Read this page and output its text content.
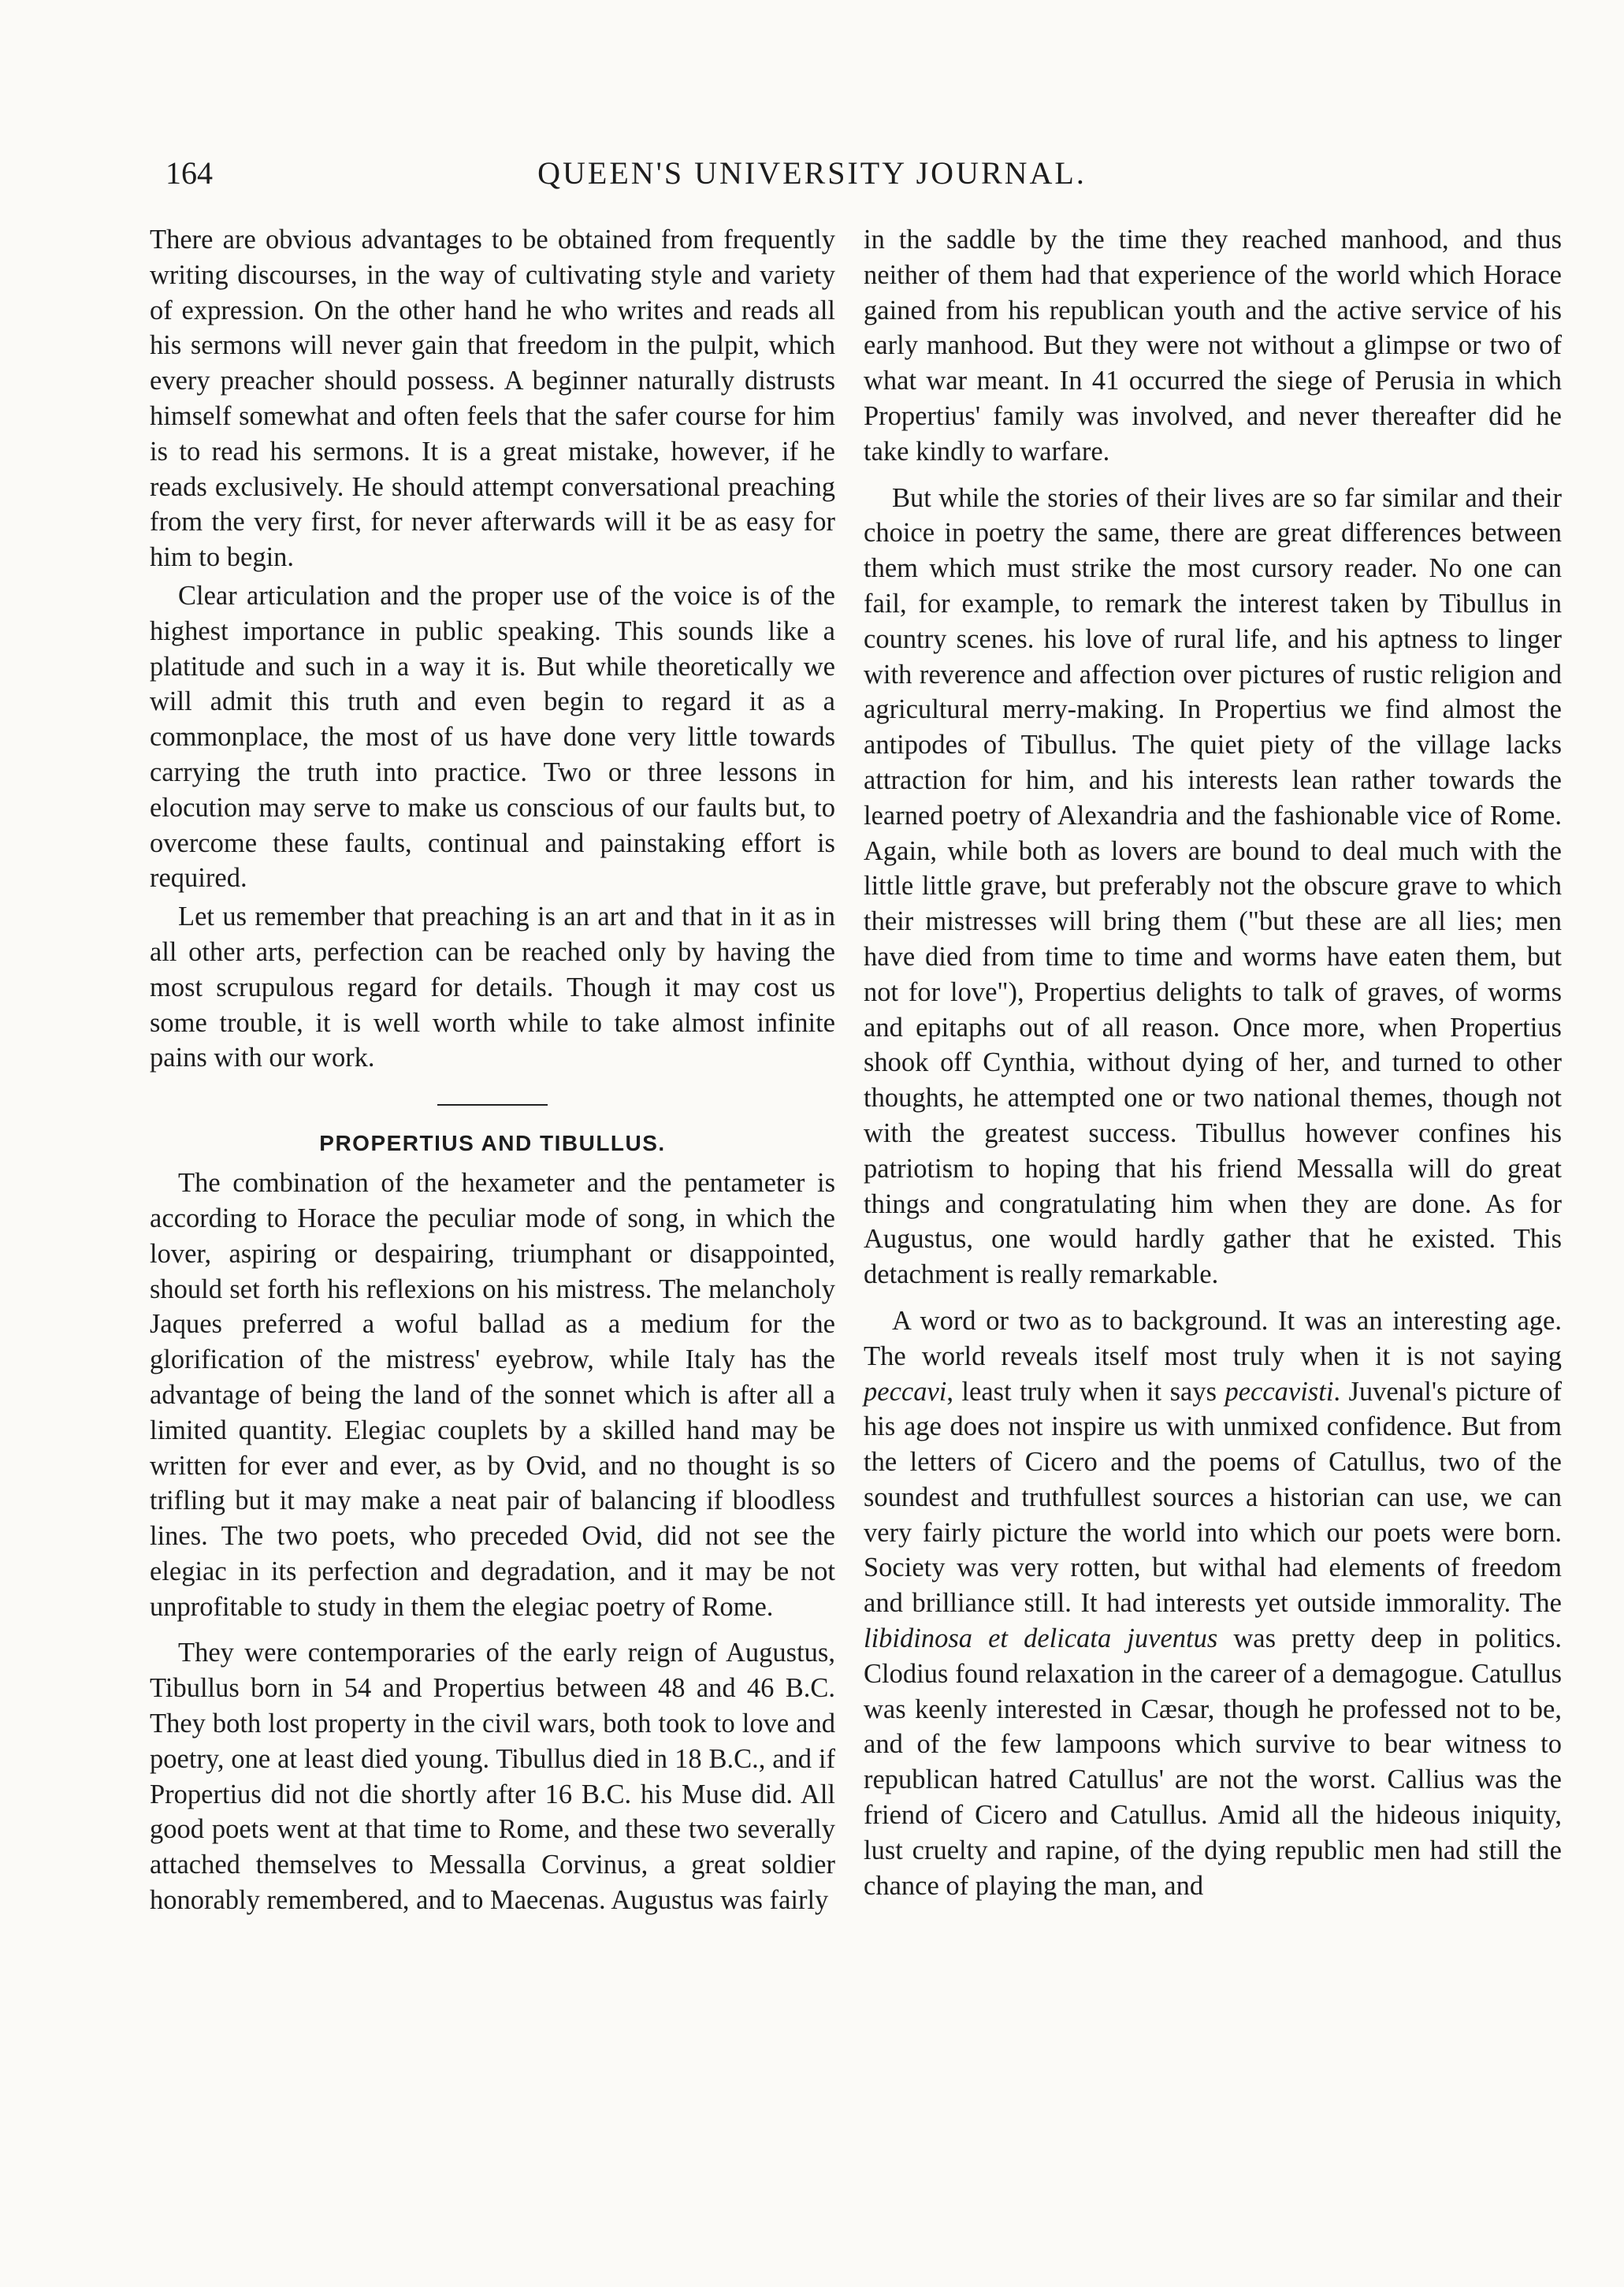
164	QUEEN'S UNIVERSITY JOURNAL.

There are obvious advantages to be obtained from frequently writing discourses, in the way of cultivating style and variety of expression. On the other hand he who writes and reads all his sermons will never gain that freedom in the pulpit, which every preacher should possess. A beginner naturally distrusts himself somewhat and often feels that the safer course for him is to read his sermons. It is a great mistake, however, if he reads exclusively. He should attempt conversational preaching from the very first, for never afterwards will it be as easy for him to begin.

Clear articulation and the proper use of the voice is of the highest importance in public speaking. This sounds like a platitude and such in a way it is. But while theoretically we will admit this truth and even begin to regard it as a commonplace, the most of us have done very little towards carrying the truth into practice. Two or three lessons in elocution may serve to make us conscious of our faults but, to overcome these faults, continual and painstaking effort is required.

Let us remember that preaching is an art and that in it as in all other arts, perfection can be reached only by having the most scrupulous regard for details. Though it may cost us some trouble, it is well worth while to take almost infinite pains with our work.

PROPERTIUS AND TIBULLUS.

The combination of the hexameter and the pentameter is according to Horace the peculiar mode of song, in which the lover, aspiring or despairing, triumphant or disappointed, should set forth his reflexions on his mistress. The melancholy Jaques preferred a woful ballad as a medium for the glorification of the mistress' eyebrow, while Italy has the advantage of being the land of the sonnet which is after all a limited quantity. Elegiac couplets by a skilled hand may be written for ever and ever, as by Ovid, and no thought is so trifling but it may make a neat pair of balancing if bloodless lines. The two poets, who preceded Ovid, did not see the elegiac in its perfection and degradation, and it may be not unprofitable to study in them the elegiac poetry of Rome.

They were contemporaries of the early reign of Augustus, Tibullus born in 54 and Propertius between 48 and 46 B.C. They both lost property in the civil wars, both took to love and poetry, one at least died young. Tibullus died in 18 B.C., and if Propertius did not die shortly after 16 B.C. his Muse did. All good poets went at that time to Rome, and these two severally attached themselves to Messalla Corvinus, a great soldier honorably remembered, and to Maecenas. Augustus was fairly

in the saddle by the time they reached manhood, and thus neither of them had that experience of the world which Horace gained from his republican youth and the active service of his early manhood. But they were not without a glimpse or two of what war meant. In 41 occurred the siege of Perusia in which Propertius' family was involved, and never thereafter did he take kindly to warfare.

But while the stories of their lives are so far similar and their choice in poetry the same, there are great differences between them which must strike the most cursory reader. No one can fail, for example, to remark the interest taken by Tibullus in country scenes. his love of rural life, and his aptness to linger with reverence and affection over pictures of rustic religion and agricultural merry-making. In Propertius we find almost the antipodes of Tibullus. The quiet piety of the village lacks attraction for him, and his interests lean rather towards the learned poetry of Alexandria and the fashionable vice of Rome. Again, while both as lovers are bound to deal much with the little little grave, but preferably not the obscure grave to which their mistresses will bring them ("but these are all lies; men have died from time to time and worms have eaten them, but not for love"), Propertius delights to talk of graves, of worms and epitaphs out of all reason. Once more, when Propertius shook off Cynthia, without dying of her, and turned to other thoughts, he attempted one or two national themes, though not with the greatest success. Tibullus however confines his patriotism to hoping that his friend Messalla will do great things and congratulating him when they are done. As for Augustus, one would hardly gather that he existed. This detachment is really remarkable.

A word or two as to background. It was an interesting age. The world reveals itself most truly when it is not saying peccavi, least truly when it says peccavisti. Juvenal's picture of his age does not inspire us with unmixed confidence. But from the letters of Cicero and the poems of Catullus, two of the soundest and truthfullest sources a historian can use, we can very fairly picture the world into which our poets were born. Society was very rotten, but withal had elements of freedom and brilliance still. It had interests yet outside immorality. The libidinosa et delicata juventus was pretty deep in politics. Clodius found relaxation in the career of a demagogue. Catullus was keenly interested in Cæsar, though he professed not to be, and of the few lampoons which survive to bear witness to republican hatred Catullus' are not the worst. Callius was the friend of Cicero and Catullus. Amid all the hideous iniquity, lust cruelty and rapine, of the dying republic men had still the chance of playing the man, and
